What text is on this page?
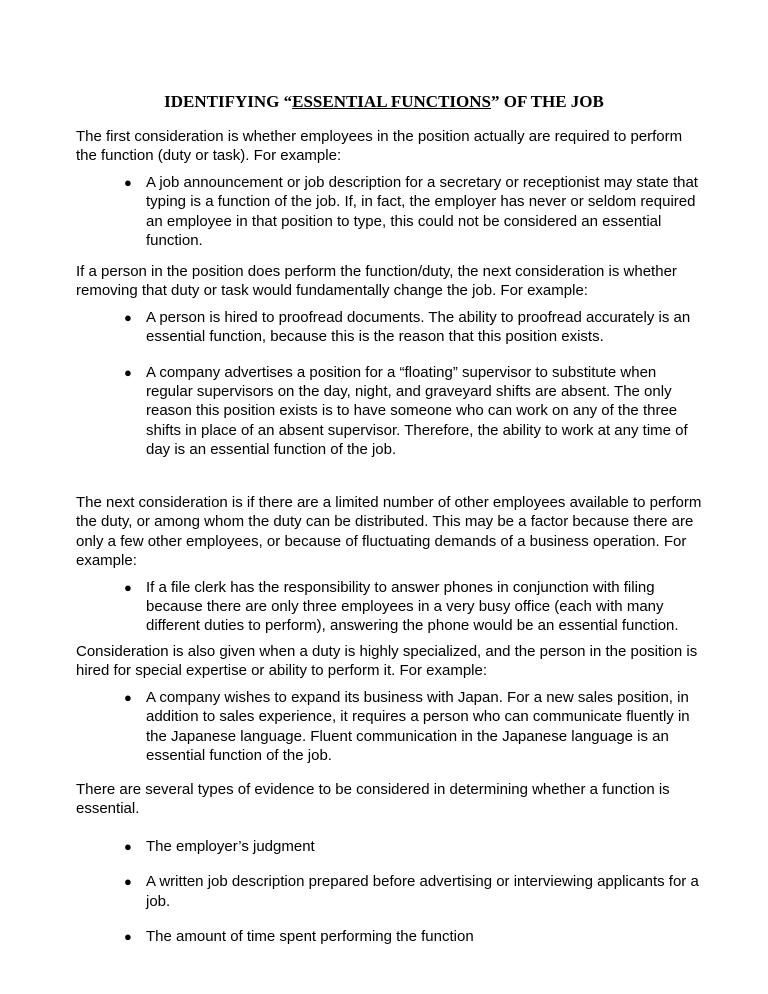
IDENTIFYING “ESSENTIAL FUNCTIONS” OF THE JOB

The first consideration is whether employees in the position actually are required to perform the function (duty or task). For example:

● A job announcement or job description for a secretary or receptionist may state that typing is a function of the job. If, in fact, the employer has never or seldom required an employee in that position to type, this could not be considered an essential function.

If a person in the position does perform the function/duty, the next consideration is whether removing that duty or task would fundamentally change the job. For example:

● A person is hired to proofread documents. The ability to proofread accurately is an essential function, because this is the reason that this position exists.
● A company advertises a position for a “floating” supervisor to substitute when regular supervisors on the day, night, and graveyard shifts are absent. The only reason this position exists is to have someone who can work on any of the three shifts in place of an absent supervisor. Therefore, the ability to work at any time of day is an essential function of the job.

The next consideration is if there are a limited number of other employees available to perform the duty, or among whom the duty can be distributed. This may be a factor because there are only a few other employees, or because of fluctuating demands of a business operation. For example:

● If a file clerk has the responsibility to answer phones in conjunction with filing because there are only three employees in a very busy office (each with many different duties to perform), answering the phone would be an essential function.

Consideration is also given when a duty is highly specialized, and the person in the position is hired for special expertise or ability to perform it. For example:

● A company wishes to expand its business with Japan. For a new sales position, in addition to sales experience, it requires a person who can communicate fluently in the Japanese language. Fluent communication in the Japanese language is an essential function of the job.

There are several types of evidence to be considered in determining whether a function is essential.

● The employer’s judgment
● A written job description prepared before advertising or interviewing applicants for a job.
● The amount of time spent performing the function
